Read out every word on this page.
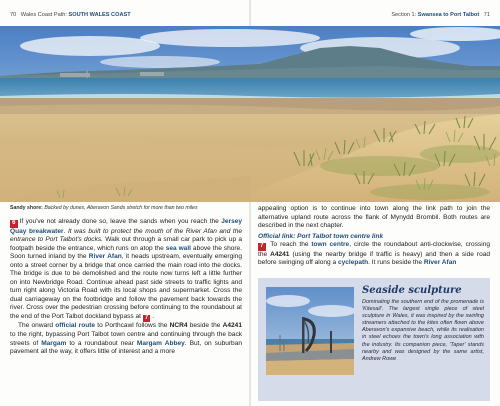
70 Wales Coast Path: SOUTH WALES COAST	Section 1: Swansea to Port Talbot 71
Sandy shore: Backed by dunes, Aberavon Sands stretch for more than two miles

6 If you've not already done so, leave the sands when you reach the Jersey Quay breakwater. It was built to protect the mouth of the River Afan and the entrance to Port Talbot's docks. Walk out through a small car park to pick up a footpath beside the entrance, which runs on atop the sea wall above the shore. Soon turned inland by the River Afan, it heads upstream, eventually emerging onto a street corner by a bridge that once carried the main road into the docks. The bridge is due to be demolished and the route now turns left a little further on into Newbridge Road. Continue ahead past side streets to traffic lights and turn right along Victoria Road with its local shops and supermarket. Cross the dual carriageway on the footbridge and follow the pavement back towards the river. Cross over the pedestrian crossing before continuing to the roundabout at the end of the Port Talbot dockland bypass at 7 .

The onward official route to Porthcawl follows the NCR4 beside the A4241 to the right, bypassing Port Talbot town centre and continuing through the back streets of Margam to a roundabout near Margam Abbey. But, on suburban pavement all the way, it offers little of interest and a more

appealing option is to continue into town along the link path to join the alternative upland route across the flank of Mynydd Brombil. Both routes are described in the next chapter.

Official link: Port Talbot town centre link

7 To reach the town centre, circle the roundabout anti-clockwise, crossing the A4241 (using the nearby bridge if traffic is heavy) and then a side road before swinging off along a cyclepath. It runs beside the River Afan

Seaside sculpture
Dominating the southern end of the promenade is 'Kitesail'. The largest single piece of steel sculpture in Wales, it was inspired by the swirling streamers attached to the kites often flown above Aberavon's expansive beach, while its realisation in steel echoes the town's long association with the industry. Its companion piece, 'Taper' stands nearby and was designed by the same artist, Andrew Rowe
